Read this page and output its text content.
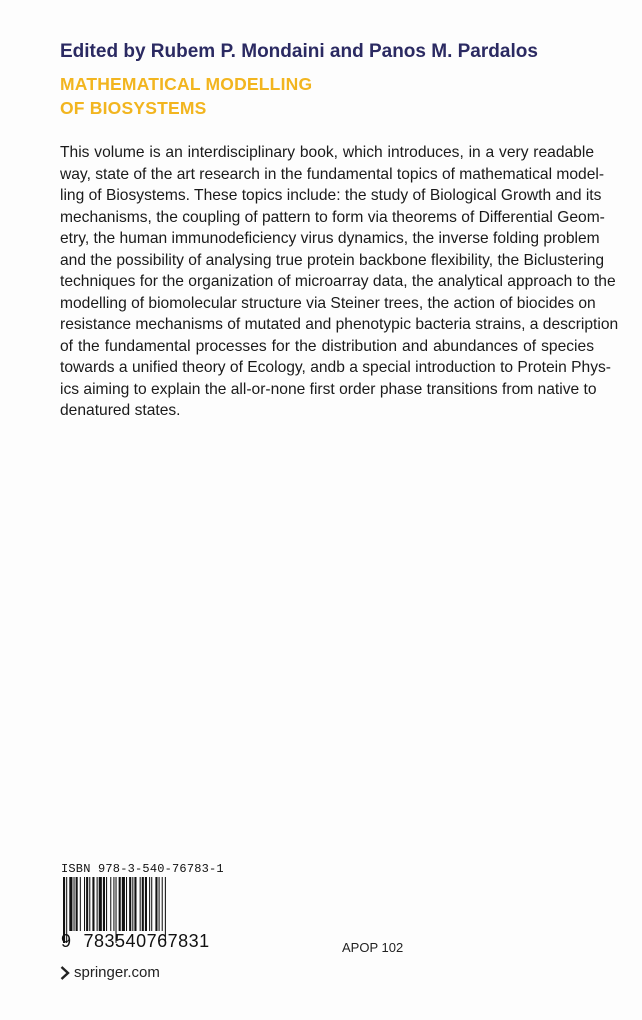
Edited by Rubem P. Mondaini and Panos M. Pardalos
MATHEMATICAL MODELLING
OF BIOSYSTEMS
This volume is an interdisciplinary book, which introduces, in a very readable
way, state of the art research in the fundamental topics of mathematical model-
ling of Biosystems. These topics include: the study of Biological Growth and its
mechanisms, the coupling of pattern to form via theorems of Differential Geom-
etry, the human immunodeficiency virus dynamics, the inverse folding problem
and the possibility of analysing true protein backbone flexibility, the Biclustering
techniques for the organization of microarray data, the analytical approach to the
modelling of biomolecular structure via Steiner trees, the action of biocides on
resistance mechanisms of mutated and phenotypic bacteria strains, a description
of the fundamental processes for the distribution and abundances of species
towards a unified theory of Ecology, andb a special introduction to Protein Phys-
ics aiming to explain the all-or-none first order phase transitions from native to
denatured states.
ISBN 978-3-540-76783-1
9 783540767831	APOP 102
springer.com
